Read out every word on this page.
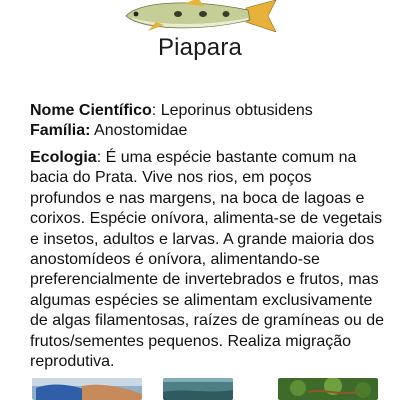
Piapara
Nome Científico: Leporinus obtusidens
Família: Anostomidae
Ecologia: É uma espécie bastante comum na bacia do Prata. Vive nos rios, em poços profundos e nas margens, na boca de lagoas e corixos. Espécie onívora, alimenta-se de vegetais e insetos, adultos e larvas. A grande maioria dos anostomídeos é onívora, alimentando-se preferencialmente de invertebrados e frutos, mas algumas espécies se alimentam exclusivamente de algas filamentosas, raízes de gramíneas ou de frutos/sementes pequenos. Realiza migração reprodutiva.
